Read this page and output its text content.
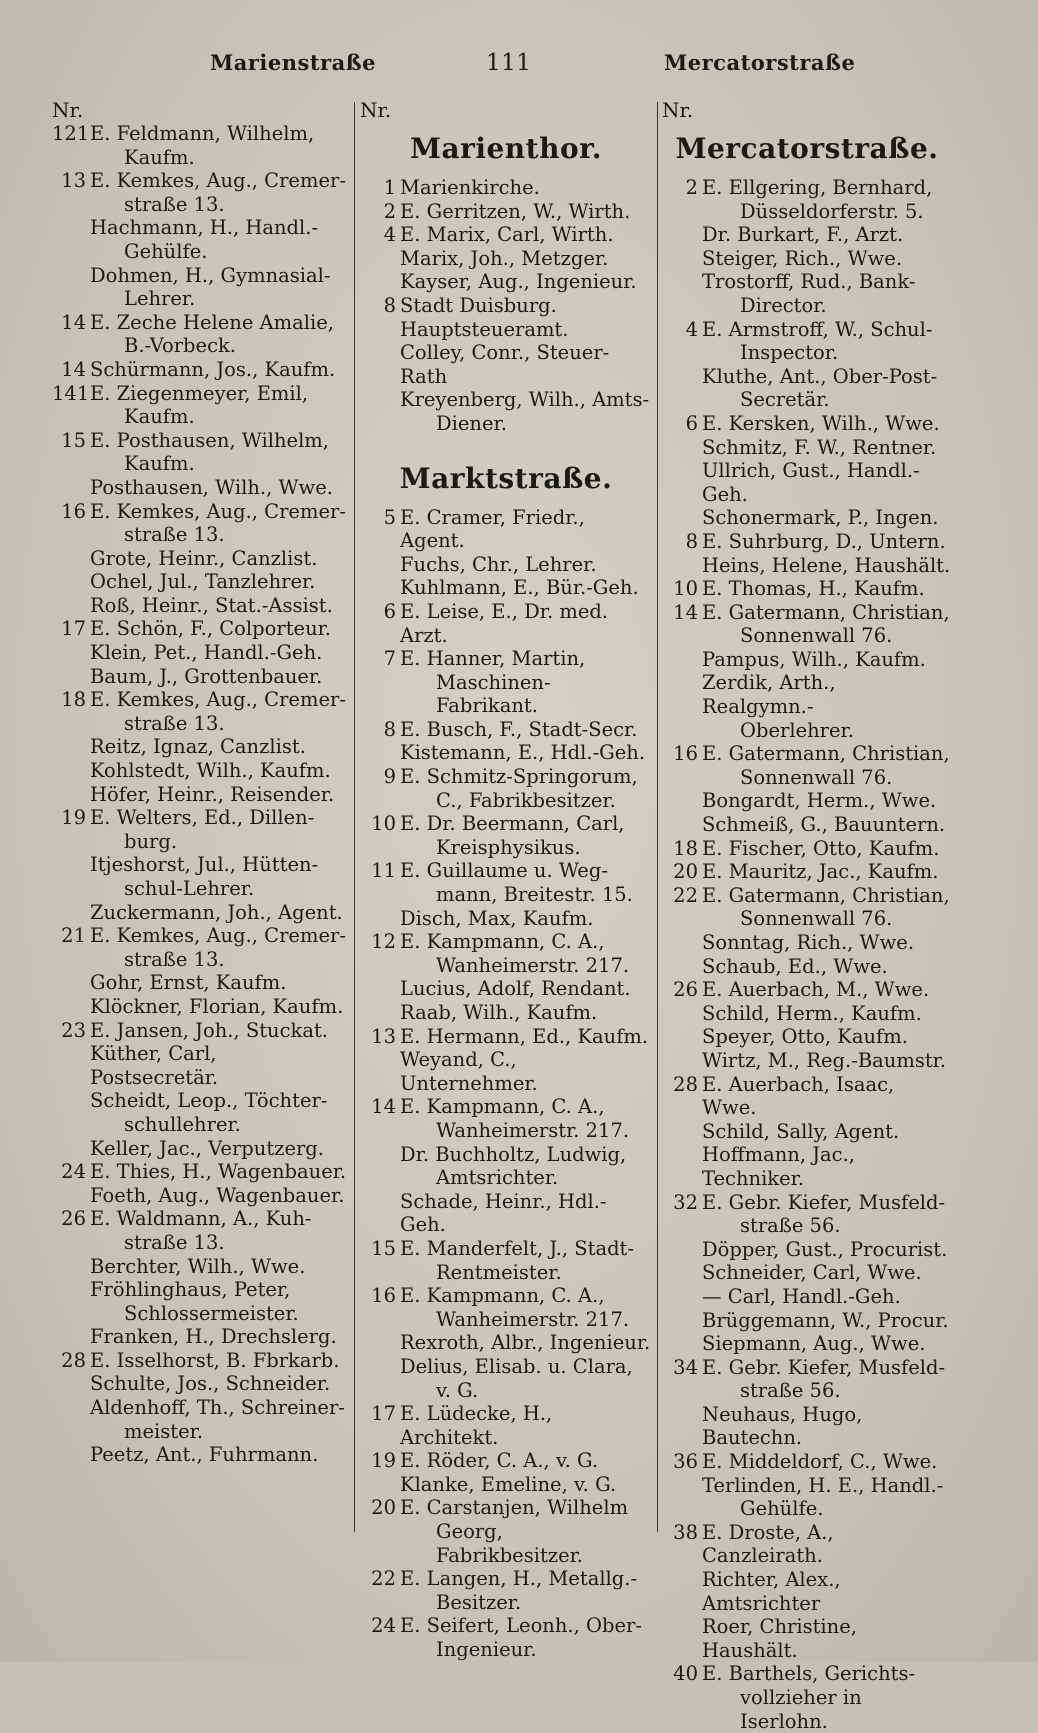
Marienstraße	111	Mercatorstraße
Nr.
121 E. Feldmann, Wilhelm,
Kaufm.
13 E. Kemkes, Aug., Cremer-
straße 13.
Hachmann, H., Handl.-
Gehülfe.
Dohmen, H., Gymnasial-
Lehrer.
14 E. Zeche Helene Amalie,
B.-Vorbeck.
14 Schürmann, Jos., Kaufm.
141 E. Ziegenmeyer, Emil,
Kaufm.
15 E. Posthausen, Wilhelm,
Kaufm.
Posthausen, Wilh., Wwe.
16 E. Kemkes, Aug., Cremer-
straße 13.
Grote, Heinr., Canzlist.
Ochel, Jul., Tanzlehrer.
Roß, Heinr., Stat.-Assist.
17 E. Schön, F., Colporteur.
Klein, Pet., Handl.-Geh.
Baum, J., Grottenbauer.
18 E. Kemkes, Aug., Cremer-
straße 13.
Reitz, Ignaz, Canzlist.
Kohlstedt, Wilh., Kaufm.
Höfer, Heinr., Reisender.
19 E. Welters, Ed., Dillen-
burg.
Itjeshorst, Jul., Hütten-
schul-Lehrer.
Zuckermann, Joh., Agent.
21 E. Kemkes, Aug., Cremer-
straße 13.
Gohr, Ernst, Kaufm.
Klöckner, Florian, Kaufm.
23 E. Jansen, Joh., Stuckat.
Küther, Carl, Postsecretär.
Scheidt, Leop., Töchter-
schullehrer.
Keller, Jac., Verputzerg.
24 E. Thies, H., Wagenbauer.
Foeth, Aug., Wagenbauer.
26 E. Waldmann, A., Kuh-
straße 13.
Berchter, Wilh., Wwe.
Fröhlinghaus, Peter,
Schlossermeister.
Franken, H., Drechslerg.
28 E. Isselhorst, B. Fbrkarb.
Schulte, Jos., Schneider.
Aldenhoff, Th., Schreiner-
meister.
Peetz, Ant., Fuhrmann.
Nr.
Marienthor.
1 Marienkirche.
2 E. Gerritzen, W., Wirth.
4 E. Marix, Carl, Wirth.
Marix, Joh., Metzger.
Kayser, Aug., Ingenieur.
8 Stadt Duisburg.
Hauptsteueramt.
Colley, Conr., Steuer-Rath
Kreyenberg, Wilh., Amts-
Diener.
Marktstraße.
5 E. Cramer, Friedr., Agent.
Fuchs, Chr., Lehrer.
Kuhlmann, E., Bür.-Geh.
6 E. Leise, E., Dr. med. Arzt.
7 E. Hanner, Martin,
Maschinen-Fabrikant.
8 E. Busch, F., Stadt-Secr.
Kistemann, E., Hdl.-Geh.
9 E. Schmitz-Springorum,
C., Fabrikbesitzer.
10 E. Dr. Beermann, Carl,
Kreisphysikus.
11 E. Guillaume u. Weg-
mann, Breitestr. 15.
Disch, Max, Kaufm.
12 E. Kampmann, C. A.,
Wanheimerstr. 217.
Lucius, Adolf, Rendant.
Raab, Wilh., Kaufm.
13 E. Hermann, Ed., Kaufm.
Weyand, C., Unternehmer.
14 E. Kampmann, C. A.,
Wanheimerstr. 217.
Dr. Buchholtz, Ludwig,
Amtsrichter.
Schade, Heinr., Hdl.-Geh.
15 E. Manderfelt, J., Stadt-
Rentmeister.
16 E. Kampmann, C. A.,
Wanheimerstr. 217.
Rexroth, Albr., Ingenieur.
Delius, Elisab. u. Clara,
v. G.
17 E. Lüdecke, H., Architekt.
19 E. Röder, C. A., v. G.
Klanke, Emeline, v. G.
20 E. Carstanjen, Wilhelm
Georg, Fabrikbesitzer.
22 E. Langen, H., Metallg.-
Besitzer.
24 E. Seifert, Leonh., Ober-
Ingenieur.
Nr.
Mercatorstraße.
2 E. Ellgering, Bernhard,
Düsseldorferstr. 5.
Dr. Burkart, F., Arzt.
Steiger, Rich., Wwe.
Trostorff, Rud., Bank-
Director.
4 E. Armstroff, W., Schul-
Inspector.
Kluthe, Ant., Ober-Post-
Secretär.
6 E. Kersken, Wilh., Wwe.
Schmitz, F. W., Rentner.
Ullrich, Gust., Handl.-Geh.
Schonermark, P., Ingen.
8 E. Suhrburg, D., Untern.
Heins, Helene, Haushält.
10 E. Thomas, H., Kaufm.
14 E. Gatermann, Christian,
Sonnenwall 76.
Pampus, Wilh., Kaufm.
Zerdik, Arth., Realgymn.-
Oberlehrer.
16 E. Gatermann, Christian,
Sonnenwall 76.
Bongardt, Herm., Wwe.
Schmeiß, G., Bauuntern.
18 E. Fischer, Otto, Kaufm.
20 E. Mauritz, Jac., Kaufm.
22 E. Gatermann, Christian,
Sonnenwall 76.
Sonntag, Rich., Wwe.
Schaub, Ed., Wwe.
26 E. Auerbach, M., Wwe.
Schild, Herm., Kaufm.
Speyer, Otto, Kaufm.
Wirtz, M., Reg.-Baumstr.
28 E. Auerbach, Isaac, Wwe.
Schild, Sally, Agent.
Hoffmann, Jac., Techniker.
32 E. Gebr. Kiefer, Musfeld-
straße 56.
Döpper, Gust., Procurist.
Schneider, Carl, Wwe.
— Carl, Handl.-Geh.
Brüggemann, W., Procur.
Siepmann, Aug., Wwe.
34 E. Gebr. Kiefer, Musfeld-
straße 56.
Neuhaus, Hugo, Bautechn.
36 E. Middeldorf, C., Wwe.
Terlinden, H. E., Handl.-
Gehülfe.
38 E. Droste, A., Canzleirath.
Richter, Alex., Amtsrichter
Roer, Christine, Haushält.
40 E. Barthels, Gerichts-
vollzieher in Iserlohn.
